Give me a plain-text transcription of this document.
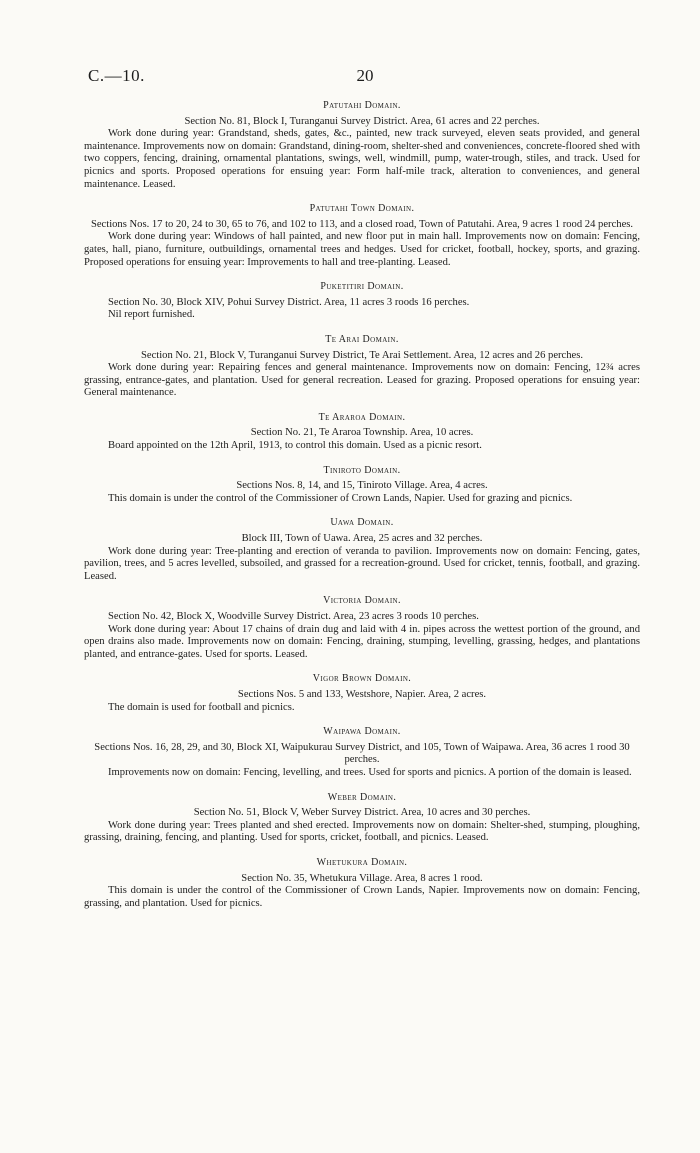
C.—10.	20
Patutahi Domain.
Section No. 81, Block I, Turanganui Survey District. Area, 61 acres and 22 perches.
Work done during year: Grandstand, sheds, gates, &c., painted, new track surveyed, eleven seats provided, and general maintenance. Improvements now on domain: Grandstand, dining-room, shelter-shed and conveniences, concrete-floored shed with two coppers, fencing, draining, ornamental plantations, swings, well, windmill, pump, water-trough, stiles, and track. Used for picnics and sports. Proposed operations for ensuing year: Form half-mile track, alteration to conveniences, and general maintenance. Leased.
Patutahi Town Domain.
Sections Nos. 17 to 20, 24 to 30, 65 to 76, and 102 to 113, and a closed road, Town of Patutahi. Area, 9 acres 1 rood 24 perches.
Work done during year: Windows of hall painted, and new floor put in main hall. Improvements now on domain: Fencing, gates, hall, piano, furniture, outbuildings, ornamental trees and hedges. Used for cricket, football, hockey, sports, and grazing. Proposed operations for ensuing year: Improvements to hall and tree-planting. Leased.
Puketitiri Domain.
Section No. 30, Block XIV, Pohui Survey District. Area, 11 acres 3 roods 16 perches.
Nil report furnished.
Te Arai Domain.
Section No. 21, Block V, Turanganui Survey District, Te Arai Settlement. Area, 12 acres and 26 perches.
Work done during year: Repairing fences and general maintenance. Improvements now on domain: Fencing, 12¾ acres grassing, entrance-gates, and plantation. Used for general recreation. Leased for grazing. Proposed operations for ensuing year: General maintenance.
Te Araroa Domain.
Section No. 21, Te Araroa Township. Area, 10 acres.
Board appointed on the 12th April, 1913, to control this domain. Used as a picnic resort.
Tiniroto Domain.
Sections Nos. 8, 14, and 15, Tiniroto Village. Area, 4 acres.
This domain is under the control of the Commissioner of Crown Lands, Napier. Used for grazing and picnics.
Uawa Domain.
Block III, Town of Uawa. Area, 25 acres and 32 perches.
Work done during year: Tree-planting and erection of veranda to pavilion. Improvements now on domain: Fencing, gates, pavilion, trees, and 5 acres levelled, subsoiled, and grassed for a recreation-ground. Used for cricket, tennis, football, and grazing. Leased.
Victoria Domain.
Section No. 42, Block X, Woodville Survey District. Area, 23 acres 3 roods 10 perches.
Work done during year: About 17 chains of drain dug and laid with 4 in. pipes across the wettest portion of the ground, and open drains also made. Improvements now on domain: Fencing, draining, stumping, levelling, grassing, hedges, and plantations planted, and entrance-gates. Used for sports. Leased.
Vigor Brown Domain.
Sections Nos. 5 and 133, Westshore, Napier. Area, 2 acres.
The domain is used for football and picnics.
Waipawa Domain.
Sections Nos. 16, 28, 29, and 30, Block XI, Waipukurau Survey District, and 105, Town of Waipawa. Area, 36 acres 1 rood 30 perches.
Improvements now on domain: Fencing, levelling, and trees. Used for sports and picnics. A portion of the domain is leased.
Weber Domain.
Section No. 51, Block V, Weber Survey District. Area, 10 acres and 30 perches.
Work done during year: Trees planted and shed erected. Improvements now on domain: Shelter-shed, stumping, ploughing, grassing, draining, fencing, and planting. Used for sports, cricket, football, and picnics. Leased.
Whetukura Domain.
Section No. 35, Whetukura Village. Area, 8 acres 1 rood.
This domain is under the control of the Commissioner of Crown Lands, Napier. Improvements now on domain: Fencing, grassing, and plantation. Used for picnics.
